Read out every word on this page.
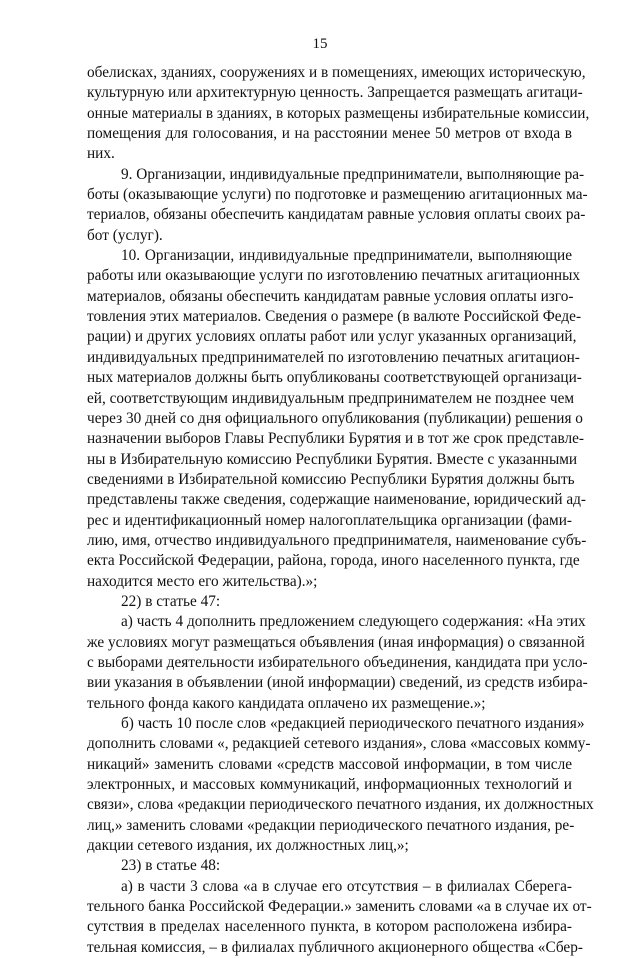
15
обелисках, зданиях, сооружениях и в помещениях, имеющих историческую,
культурную или архитектурную ценность. Запрещается размещать агитаци-
онные материалы в зданиях, в которых размещены избирательные комиссии,
помещения для голосования, и на расстоянии менее 50 метров от входа в
них.
9. Организации, индивидуальные предприниматели, выполняющие ра-
боты (оказывающие услуги) по подготовке и размещению агитационных ма-
териалов, обязаны обеспечить кандидатам равные условия оплаты своих ра-
бот (услуг).
10. Организации, индивидуальные предприниматели, выполняющие
работы или оказывающие услуги по изготовлению печатных агитационных
материалов, обязаны обеспечить кандидатам равные условия оплаты изго-
товления этих материалов. Сведения о размере (в валюте Российской Феде-
рации) и других условиях оплаты работ или услуг указанных организаций,
индивидуальных предпринимателей по изготовлению печатных агитацион-
ных материалов должны быть опубликованы соответствующей организаци-
ей, соответствующим индивидуальным предпринимателем не позднее чем
через 30 дней со дня официального опубликования (публикации) решения о
назначении выборов Главы Республики Бурятия и в тот же срок представле-
ны в Избирательную комиссию Республики Бурятия. Вместе с указанными
сведениями в Избирательной комиссию Республики Бурятия должны быть
представлены также сведения, содержащие наименование, юридический ад-
рес и идентификационный номер налогоплательщика организации (фами-
лию, имя, отчество индивидуального предпринимателя, наименование субъ-
екта Российской Федерации, района, города, иного населенного пункта, где
находится место его жительства).»;
22) в статье 47:
а) часть 4 дополнить предложением следующего содержания: «На этих
же условиях могут размещаться объявления (иная информация) о связанной
с выборами деятельности избирательного объединения, кандидата при усло-
вии указания в объявлении (иной информации) сведений, из средств избира-
тельного фонда какого кандидата оплачено их размещение.»;
б) часть 10 после слов «редакцией периодического печатного издания»
дополнить словами «, редакцией сетевого издания», слова «массовых комму-
никаций» заменить словами «средств массовой информации, в том числе
электронных, и массовых коммуникаций, информационных технологий и
связи», слова «редакции периодического печатного издания, их должностных
лиц,» заменить словами «редакции периодического печатного издания, ре-
дакции сетевого издания, их должностных лиц,»;
23) в статье 48:
а) в части 3 слова «а в случае его отсутствия – в филиалах Сберега-
тельного банка Российской Федерации.» заменить словами «а в случае их от-
сутствия в пределах населенного пункта, в котором расположена избира-
тельная комиссия, – в филиалах публичного акционерного общества «Сбер-
